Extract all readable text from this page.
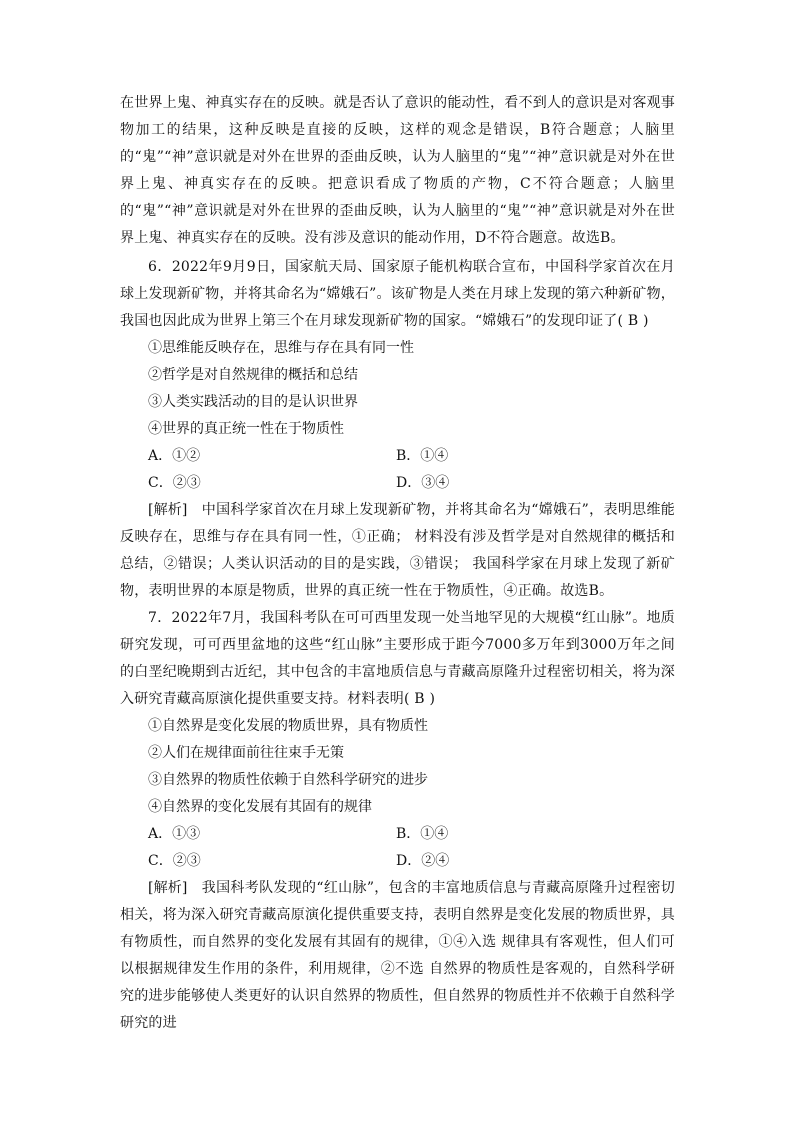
在世界上鬼、神真实存在的反映。就是否认了意识的能动性，看不到人的意识是对客观事物加工的结果，这种反映是直接的反映，这样的观念是错误，B符合题意；人脑里的“鬼”“神”意识就是对外在世界的歪曲反映，认为人脑里的“鬼”“神”意识就是对外在世界上鬼、神真实存在的反映。把意识看成了物质的产物，C不符合题意；人脑里的“鬼”“神”意识就是对外在世界的歪曲反映，认为人脑里的“鬼”“神”意识就是对外在世界上鬼、神真实存在的反映。没有涉及意识的能动作用，D不符合题意。故选B。

6．2022年9月9日，国家航天局、国家原子能机构联合宣布，中国科学家首次在月球上发现新矿物，并将其命名为“嫦娥石”。该矿物是人类在月球上发现的第六种新矿物，我国也因此成为世界上第三个在月球发现新矿物的国家。“嫦娥石”的发现印证了( B )

①思维能反映存在，思维与存在具有同一性

②哲学是对自然规律的概括和总结

③人类实践活动的目的是认识世界

④世界的真正统一性在于物质性

A．①②	B．①④
C．②③	D．③④

[解析]　 中国科学家首次在月球上发现新矿物，并将其命名为“嫦娥石”，表明思维能反映存在，思维与存在具有同一性，①正确； 材料没有涉及哲学是对自然规律的概括和总结，②错误；人类认识活动的目的是实践，③错误； 我国科学家在月球上发现了新矿物，表明世界的本原是物质，世界的真正统一性在于物质性，④正确。故选B。

7．2022年7月，我国科考队在可可西里发现一处当地罕见的大规模“红山脉”。地质研究发现，可可西里盆地的这些“红山脉”主要形成于距今7000多万年到3000万年之间的白垩纪晚期到古近纪，其中包含的丰富地质信息与青藏高原隆升过程密切相关，将为深入研究青藏高原演化提供重要支持。材料表明( B )

①自然界是变化发展的物质世界，具有物质性

②人们在规律面前往往束手无策

③自然界的物质性依赖于自然科学研究的进步

④自然界的变化发展有其固有的规律

A．①③	B．①④
C．②③	D．②④

[解析]　 我国科考队发现的“红山脉”，包含的丰富地质信息与青藏高原隆升过程密切相关，将为深入研究青藏高原演化提供重要支持，表明自然界是变化发展的物质世界，具有物质性，而自然界的变化发展有其固有的规律，①④入选 规律具有客观性，但人们可以根据规律发生作用的条件，利用规律，②不选 自然界的物质性是客观的，自然科学研究的进步能够使人类更好的认识自然界的物质性，但自然界的物质性并不依赖于自然科学研究的进
